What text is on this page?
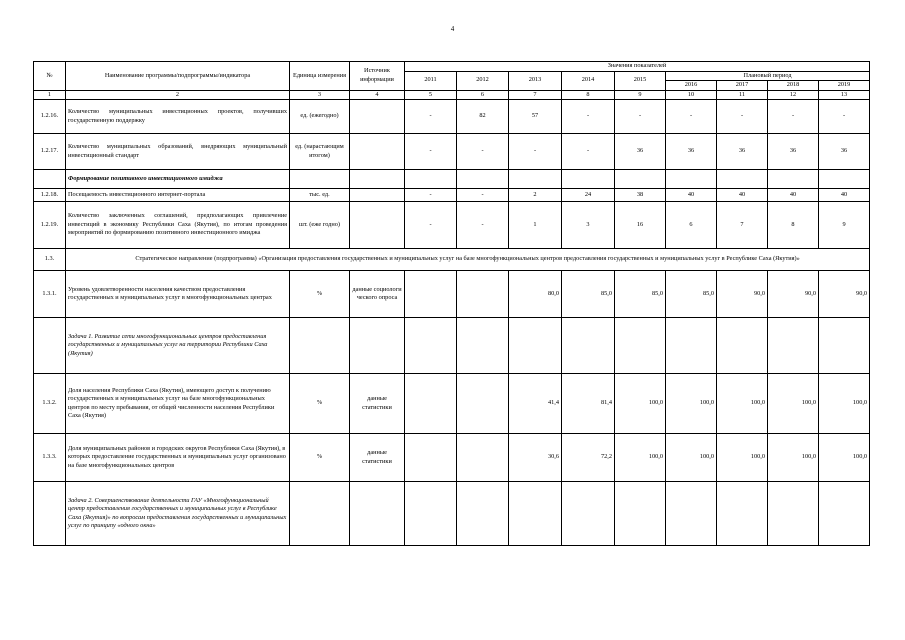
4
№	Наименование программы/подпрограммы/индикатора	Единица измерения	Источник информации	Значения показателей								
				2011	2012	2013	2014	2015	Плановый период			
									2016	2017	2018	2019
1	2	3	4	5	6	7	8	9	10	11	12	13
1.2.16.	Количество муниципальных инвестиционных проектов, получивших государственную поддержку	ед. (ежегодно)		-	82	57	-	-	-	-	-	-
1.2.17.	Количество муниципальных образований, внедряющих муниципальный инвестиционный стандарт	ед. (нарастающим итогом)		-	-	-	-	36	36	36	36	36
	Формирование позитивного инвестиционного имиджа											
1.2.18.	Посещаемость инвестиционного интернет-портала	тыс. ед.		-	-	2	24	38	40	40	40	40
1.2.19.	Количество заключенных соглашений, предполагающих привлечение инвестиций в экономику Республики Саха (Якутия), по итогам проведения мероприятий по формированию позитивного инвестиционного имиджа	шт. (еже годно)		-	-	1	3	16	6	7	8	9
1.3.	Стратегическое направление (подпрограмма) «Организация предоставления государственных и муниципальных услуг на базе многофункциональных центров предоставления государственных и муниципальных услуг в Республике Саха (Якутия)»											
1.3.1.	Уровень удовлетворенности населения качеством предоставления государственных и муниципальных услуг в многофункциональных центрах	%	данные социологи ческого опроса			80,0	85,0	85,0	85,0	90,0	90,0	90,0
	Задача 1. Развитие сети многофункциональных центров предоставления государственных и муниципальных услуг на территории Республики Саха (Якутия)											
1.3.2.	Доля населения Республики Саха (Якутия), имеющего доступ к получению государственных и муниципальных услуг на базе многофункциональных центров по месту пребывания, от общей численности населения Республики Саха (Якутия)	%	данные статистики			41,4	81,4	100,0	100,0	100,0	100,0	100,0
1.3.3.	Доля муниципальных районов и городских округов Республики Саха (Якутия), в которых предоставление государственных и муниципальных услуг организовано на базе многофункциональных центров	%	данные статистики			30,6	72,2	100,0	100,0	100,0	100,0	100,0
	Задача 2. Совершенствование деятельности ГАУ «Многофункциональный центр предоставления государственных и муниципальных услуг в Республике Саха (Якутия)» по вопросам предоставления государственных и муниципальных услуг по принципу «одного окна»											
